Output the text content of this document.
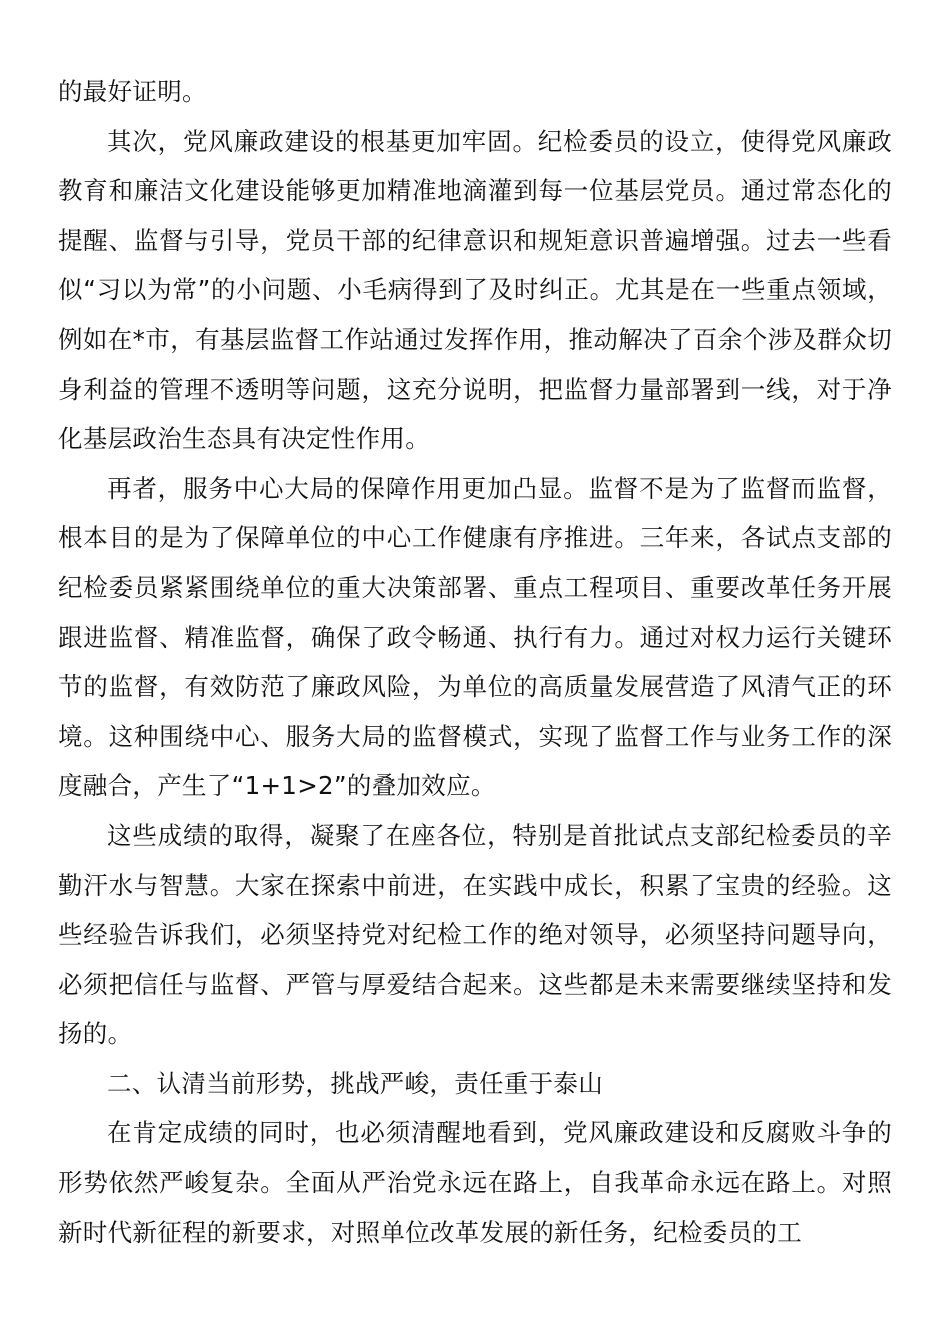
的最好证明。

其次，党风廉政建设的根基更加牢固。纪检委员的设立，使得党风廉政教育和廉洁文化建设能够更加精准地滴灌到每一位基层党员。通过常态化的提醒、监督与引导，党员干部的纪律意识和规矩意识普遍增强。过去一些看似“习以为常”的小问题、小毛病得到了及时纠正。尤其是在一些重点领域，例如在*市，有基层监督工作站通过发挥作用，推动解决了百余个涉及群众切身利益的管理不透明等问题，这充分说明，把监督力量部署到一线，对于净化基层政治生态具有决定性作用。

再者，服务中心大局的保障作用更加凸显。监督不是为了监督而监督，根本目的是为了保障单位的中心工作健康有序推进。三年来，各试点支部的纪检委员紧紧围绕单位的重大决策部署、重点工程项目、重要改革任务开展跟进监督、精准监督，确保了政令畅通、执行有力。通过对权力运行关键环节的监督，有效防范了廉政风险，为单位的高质量发展营造了风清气正的环境。这种围绕中心、服务大局的监督模式，实现了监督工作与业务工作的深度融合，产生了“1+1>2”的叠加效应。

这些成绩的取得，凝聚了在座各位，特别是首批试点支部纪检委员的辛勤汗水与智慧。大家在探索中前进，在实践中成长，积累了宝贵的经验。这些经验告诉我们，必须坚持党对纪检工作的绝对领导，必须坚持问题导向，必须把信任与监督、严管与厚爱结合起来。这些都是未来需要继续坚持和发扬的。

二、认清当前形势，挑战严峻，责任重于泰山

在肯定成绩的同时，也必须清醒地看到，党风廉政建设和反腐败斗争的形势依然严峻复杂。全面从严治党永远在路上，自我革命永远在路上。对照新时代新征程的新要求，对照单位改革发展的新任务，纪检委员的工
